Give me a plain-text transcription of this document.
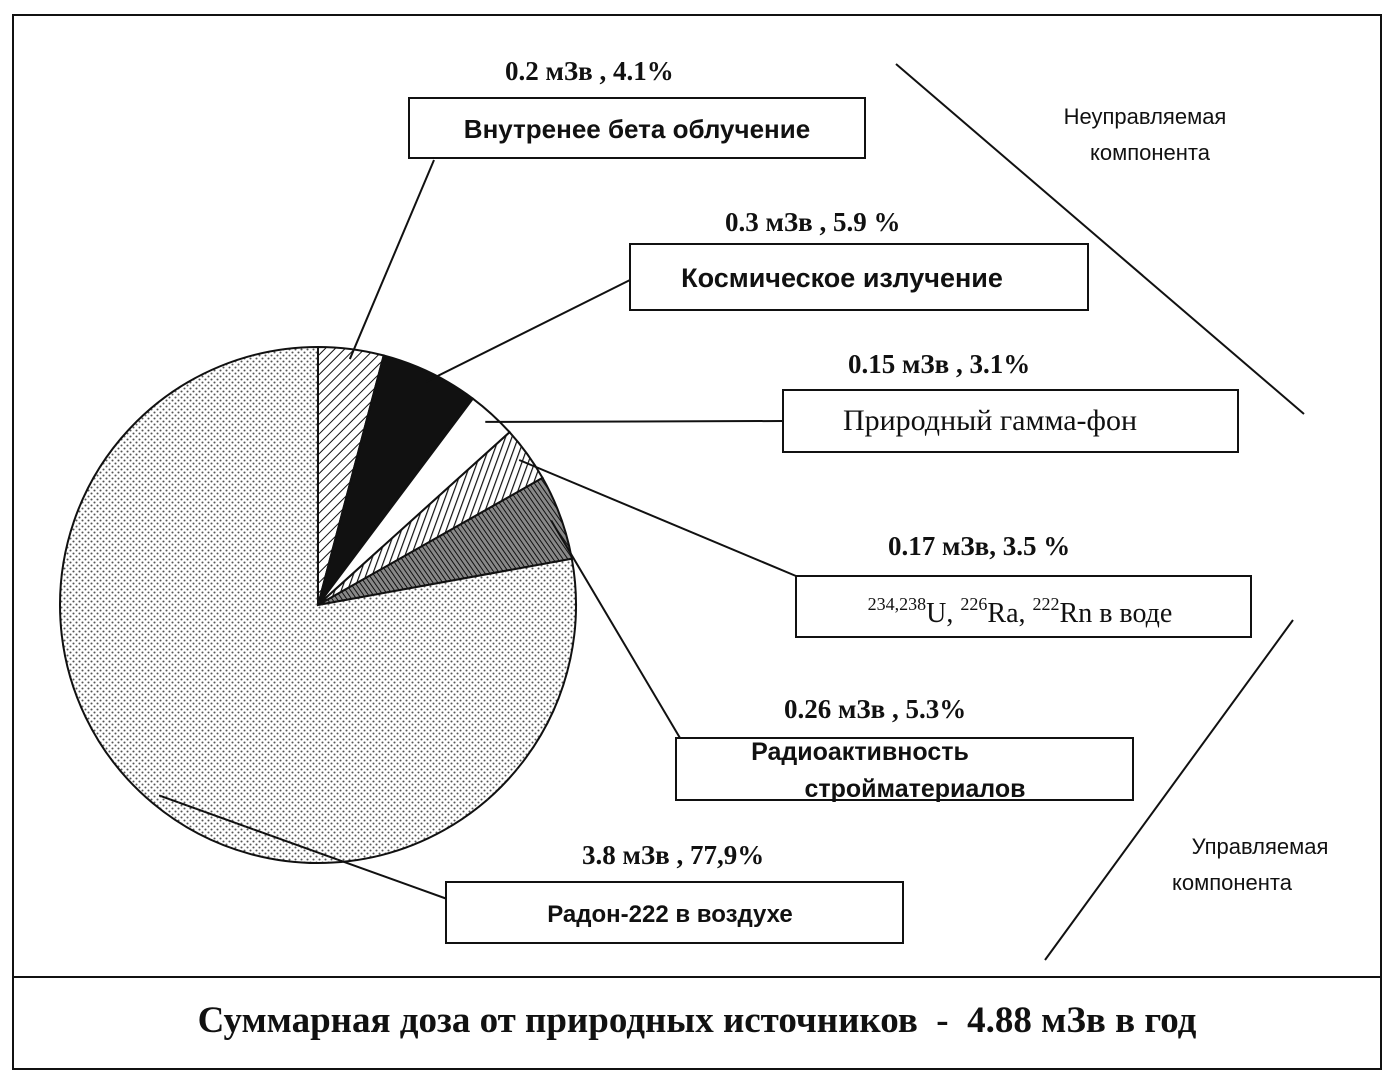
Внутренее бета облучение
Космическое излучение
Природный гамма-фон
$^{234,238}$U, $^{226}$Ra, $^{222}$Rn в воде
Радиоактивность
стройматериалов
Радон-222 в воздухе
0.2 мЗв , 4.1%
0.3 мЗв , 5.9 %
0.15 мЗв , 3.1%
0.17 мЗв, 3.5 %
0.26 мЗв , 5.3%
3.8 мЗв , 77,9%
Неуправляемая
компонента
Управляемая
компонента
Суммарная доза от природных источников  -  4.88 мЗв в год
